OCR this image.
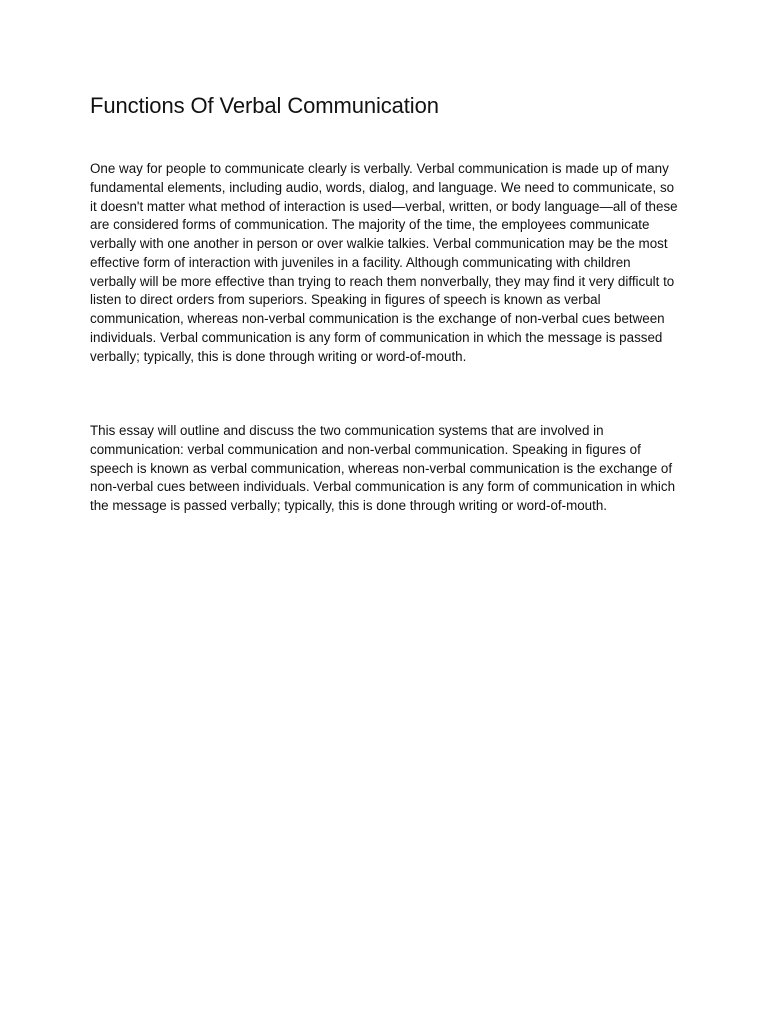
Functions Of Verbal Communication

One way for people to communicate clearly is verbally. Verbal communication is made up of many fundamental elements, including audio, words, dialog, and language. We need to communicate, so it doesn't matter what method of interaction is used—verbal, written, or body language—all of these are considered forms of communication. The majority of the time, the employees communicate verbally with one another in person or over walkie talkies. Verbal communication may be the most effective form of interaction with juveniles in a facility. Although communicating with children verbally will be more effective than trying to reach them nonverbally, they may find it very difficult to listen to direct orders from superiors. Speaking in figures of speech is known as verbal communication, whereas non-verbal communication is the exchange of non-verbal cues between individuals. Verbal communication is any form of communication in which the message is passed verbally; typically, this is done through writing or word-of-mouth.

This essay will outline and discuss the two communication systems that are involved in communication: verbal communication and non-verbal communication. Speaking in figures of speech is known as verbal communication, whereas non-verbal communication is the exchange of non-verbal cues between individuals. Verbal communication is any form of communication in which the message is passed verbally; typically, this is done through writing or word-of-mouth.
